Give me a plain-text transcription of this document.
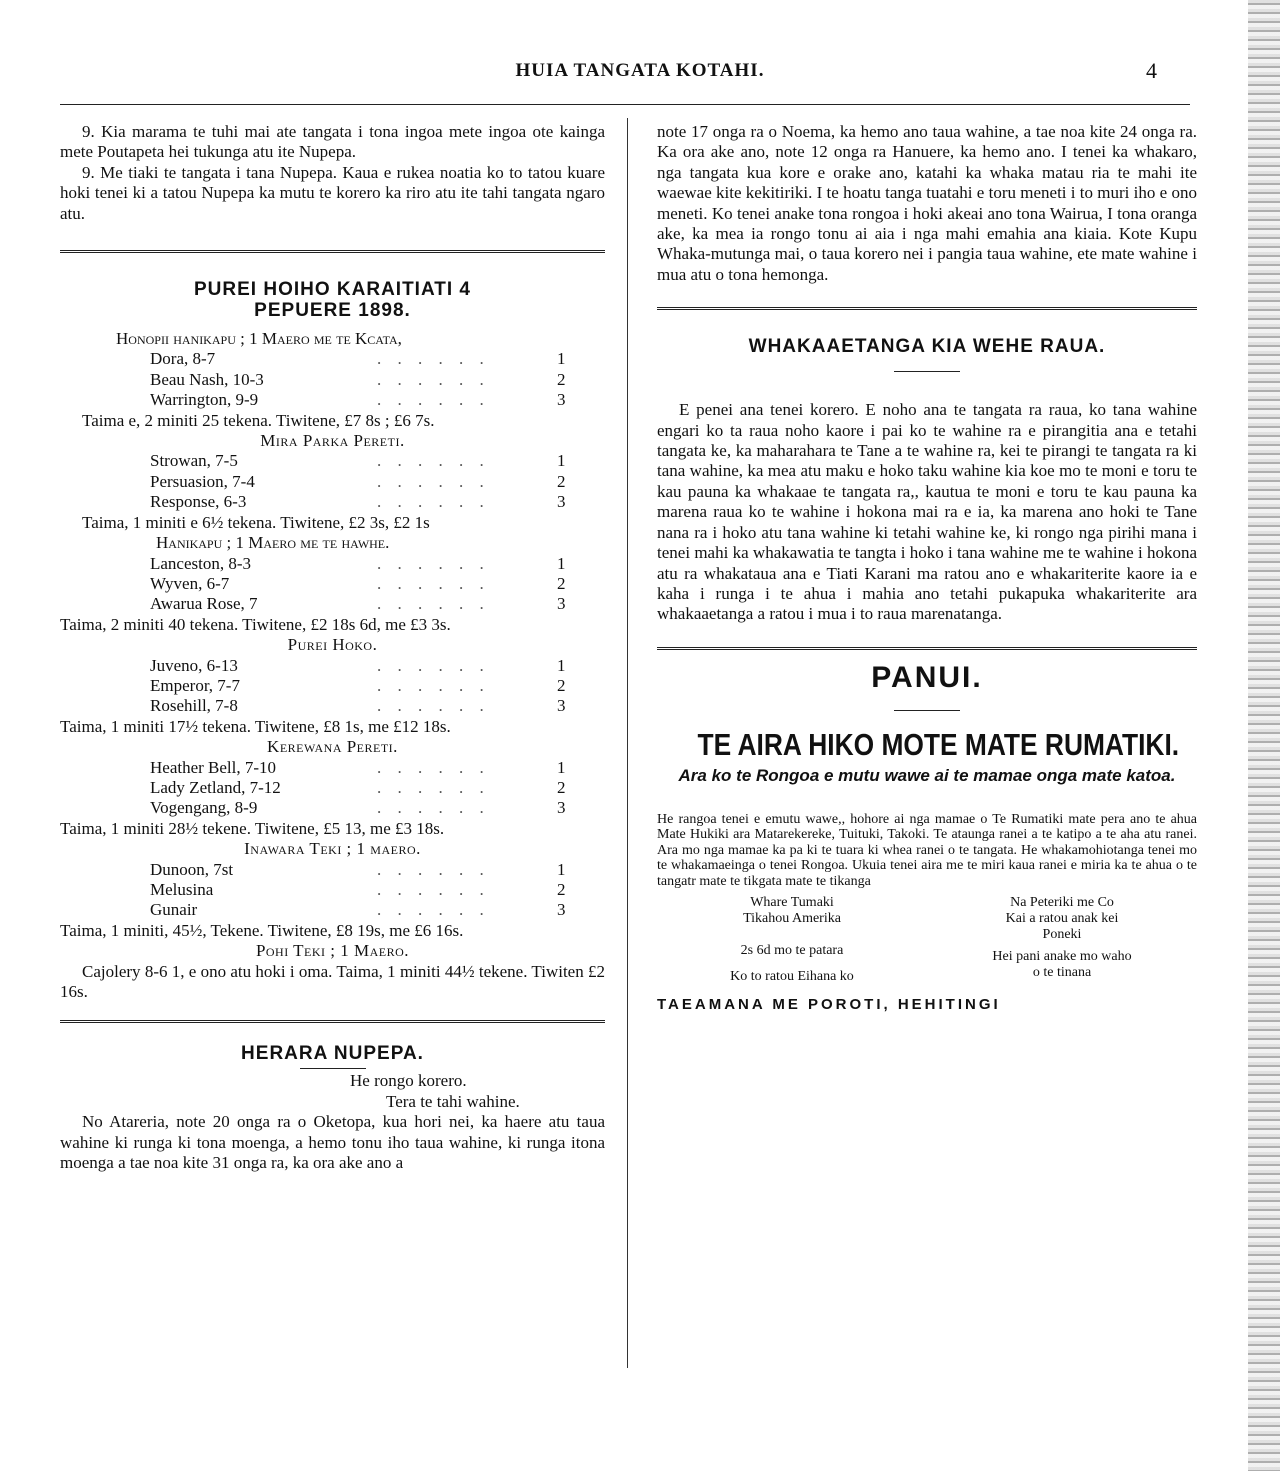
HUIA TANGATA KOTAHI.	4

9. Kia marama te tuhi mai ate tangata i tona ingoa mete ingoa ote kainga mete Poutapeta hei tukunga atu ite Nupepa.

9. Me tiaki te tangata i tana Nupepa. Kaua e rukea noatia ko to tatou kuare hoki tenei ki a tatou Nupepa ka mutu te korero ka riro atu ite tahi tangata ngaro atu.

PUREI HOIHO KARAITIATI 4
PEPUERE 1898.
Honopii hanikapu ; 1 Maero me te Kcata,
Dora, 8-7	. . . . . .	1
Beau Nash, 10-3	. . . . . .	2
Warrington, 9-9	. . . . . .	3
Taima e, 2 miniti 25 tekena. Tiwitene, £7 8s ; £6 7s.
Mira Parka Pereti.
Strowan, 7-5	. . . . . .	1
Persuasion, 7-4	. . . . . .	2
Response, 6-3	. . . . . .	3
Taima, 1 miniti e 6½ tekena. Tiwitene, £2 3s, £2 1s
Hanikapu ; 1 Maero me te hawhe.
Lanceston, 8-3	. . . . . .	1
Wyven, 6-7	. . . . . .	2
Awarua Rose, 7	. . . . . .	3

Taima, 2 miniti 40 tekena. Tiwitene, £2 18s 6d, me £3 3s.

Purei Hoko.
Juveno, 6-13	. . . . . .	1
Emperor, 7-7	. . . . . .	2
Rosehill, 7-8	. . . . . .	3

Taima, 1 miniti 17½ tekena. Tiwitene, £8 1s, me £12 18s.

Kerewana Pereti.
Heather Bell, 7-10	. . . . . .	1
Lady Zetland, 7-12	. . . . . .	2
Vogengang, 8-9	. . . . . .	3

Taima, 1 miniti 28½ tekene. Tiwitene, £5 13, me £3 18s.

Inawara Teki ; 1 maero.
Dunoon, 7st	. . . . . .	1
Melusina	. . . . . .	2
Gunair	. . . . . .	3

Taima, 1 miniti, 45½, Tekene. Tiwitene, £8 19s, me £6 16s.

Pohi Teki ; 1 Maero.

Cajolery 8-6 1, e ono atu hoki i oma. Taima, 1 miniti 44½ tekene. Tiwiten £2 16s.

HERARA NUPEPA.
He rongo korero.
Tera te tahi wahine.

No Atareria, note 20 onga ra o Oketopa, kua hori nei, ka haere atu taua wahine ki runga ki tona moenga, a hemo tonu iho taua wahine, ki runga itona moenga a tae noa kite 31 onga ra, ka ora ake ano a

note 17 onga ra o Noema, ka hemo ano taua wahine, a tae noa kite 24 onga ra. Ka ora ake ano, note 12 onga ra Hanuere, ka hemo ano. I tenei ka whakaro, nga tangata kua kore e orake ano, katahi ka whaka matau ria te mahi ite waewae kite kekitiriki. I te hoatu tanga tuatahi e toru meneti i to muri iho e ono meneti. Ko tenei anake tona rongoa i hoki akeai ano tona Wairua, I tona oranga ake, ka mea ia rongo tonu ai aia i nga mahi emahia ana kiaia. Kote Kupu Whaka-mutunga mai, o taua korero nei i pangia taua wahine, ete mate wahine i mua atu o tona hemonga.

WHAKAAETANGA KIA WEHE RAUA.

E penei ana tenei korero. E noho ana te tangata ra raua, ko tana wahine engari ko ta raua noho kaore i pai ko te wahine ra e pirangitia ana e tetahi tangata ke, ka maharahara te Tane a te wahine ra, kei te pirangi te tangata ra ki tana wahine, ka mea atu maku e hoko taku wahine kia koe mo te moni e toru te kau pauna ka whakaae te tangata ra,, kautua te moni e toru te kau pauna ka marena raua ko te wahine i hokona mai ra e ia, ka marena ano hoki te Tane nana ra i hoko atu tana wahine ki tetahi wahine ke, ki rongo nga pirihi mana i tenei mahi ka whakawatia te tangta i hoko i tana wahine me te wahine i hokona atu ra whakataua ana e Tiati Karani ma ratou ano e whakariterite kaore ia e kaha i runga i te ahua i mahia ano tetahi pukapuka whakariterite ara whakaaetanga a ratou i mua i to raua marenatanga.

PANUI.
TE AIRA HIKO MOTE MATE RUMATIKI.
Ara ko te Rongoa e mutu wawe ai te mamae onga mate katoa.

He rangoa tenei e emutu wawe,, hohore ai nga mamae o Te Rumatiki mate pera ano te ahua Mate Hukiki ara Matarekereke, Tuituki, Takoki. Te ataunga ranei a te katipo a te aha atu ranei. Ara mo nga mamae ka pa ki te tuara ki whea ranei o te tangata. He whakamohiotanga tenei mo te whakamaeinga o tenei Rongoa. Ukuia tenei aira me te miri kaua ranei e miria ka te ahua o te tangatr mate te tikgata mate te tikanga

Whare Tumaki
Tikahou Amerika
2s 6d mo te patara
Ko to ratou Eihana ko
Na Peteriki me Co
Kai a ratou anak kei
Poneki
Hei pani anake mo waho
o te tinana
TAEAMANA ME POROTI, HEHITINGI
